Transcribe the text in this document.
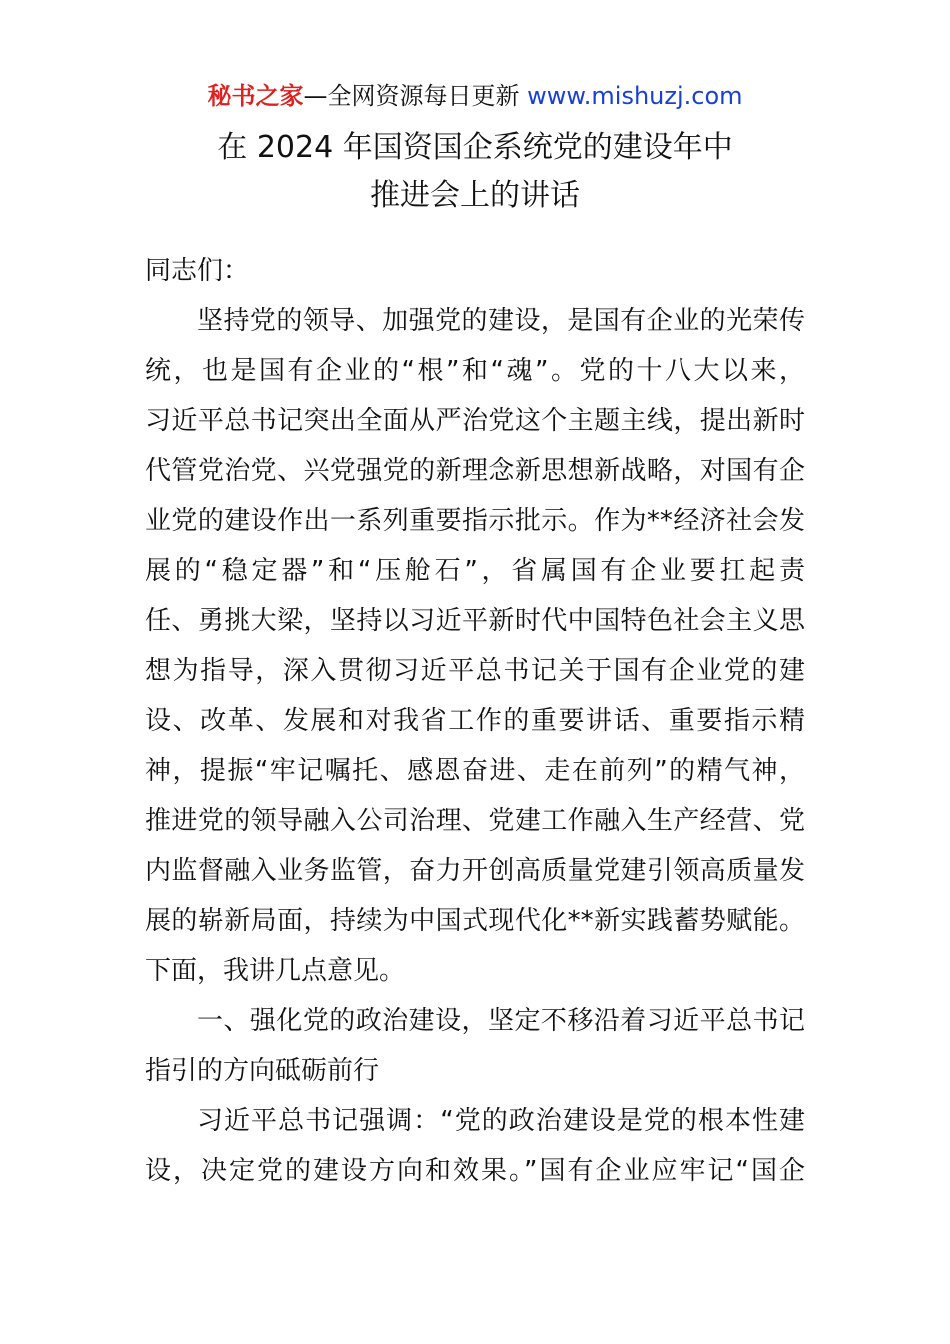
秘书之家—全网资源每日更新 www.mishuzj.com
在 2024 年国资国企系统党的建设年中
推进会上的讲话
同志们：
坚持党的领导、加强党的建设，是国有企业的光荣传
统，也是国有企业的“根”和“魂”。党的十八大以来，
习近平总书记突出全面从严治党这个主题主线，提出新时
代管党治党、兴党强党的新理念新思想新战略，对国有企
业党的建设作出一系列重要指示批示。作为**经济社会发
展的“稳定器”和“压舱石”，省属国有企业要扛起责
任、勇挑大梁，坚持以习近平新时代中国特色社会主义思
想为指导，深入贯彻习近平总书记关于国有企业党的建
设、改革、发展和对我省工作的重要讲话、重要指示精
神，提振“牢记嘱托、感恩奋进、走在前列”的精气神，
推进党的领导融入公司治理、党建工作融入生产经营、党
内监督融入业务监管，奋力开创高质量党建引领高质量发
展的崭新局面，持续为中国式现代化**新实践蓄势赋能。
下面，我讲几点意见。
一、强化党的政治建设，坚定不移沿着习近平总书记
指引的方向砥砺前行
习近平总书记强调：“党的政治建设是党的根本性建
设，决定党的建设方向和效果。”国有企业应牢记“国企
